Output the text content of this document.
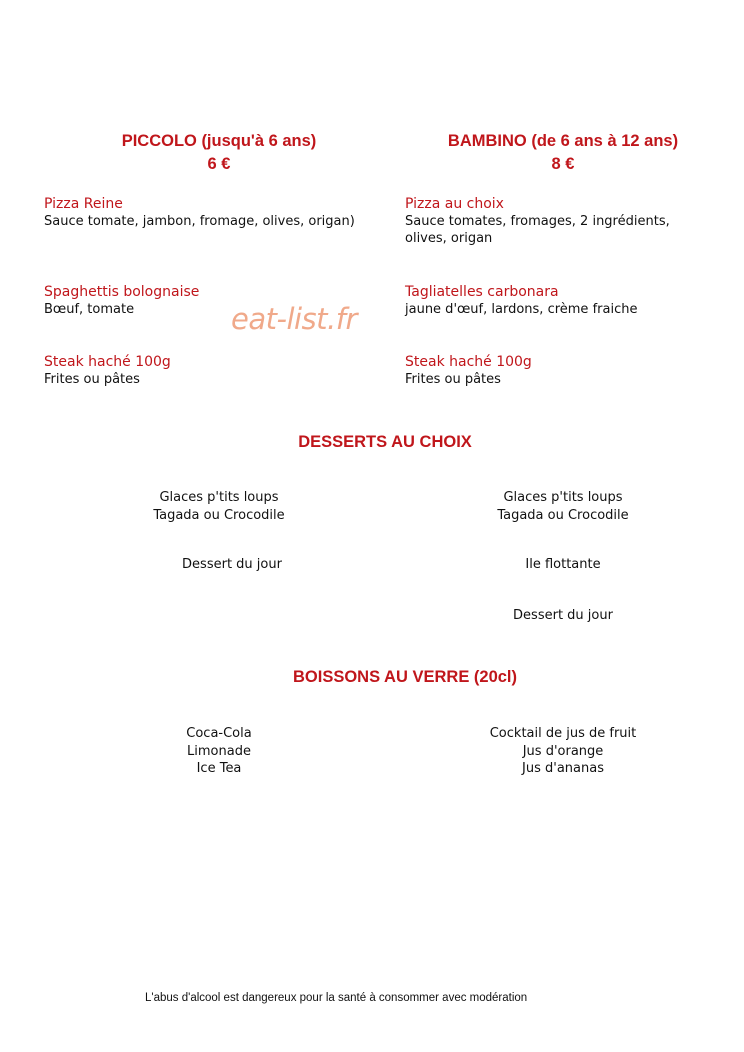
PICCOLO (jusqu'à 6 ans)
6 €
Pizza Reine
Sauce tomate, jambon, fromage, olives, origan)
Spaghettis bolognaise
Bœuf, tomate
Steak haché 100g
Frites ou pâtes
BAMBINO (de 6 ans à 12 ans)
8 €
Pizza au choix
Sauce tomates, fromages, 2 ingrédients, olives, origan
Tagliatelles carbonara
jaune d'œuf, lardons, crème fraiche
Steak haché 100g
Frites ou pâtes
eat-list.fr
DESSERTS AU CHOIX
Glaces p'tits loups
Tagada ou Crocodile
Dessert du jour
Glaces p'tits loups
Tagada ou Crocodile
Ile flottante
Dessert du jour
BOISSONS AU VERRE (20cl)
Coca-Cola
Limonade
Ice Tea
Cocktail de jus de fruit
Jus d'orange
Jus d'ananas
L'abus d'alcool est dangereux pour la santé à consommer avec modération
